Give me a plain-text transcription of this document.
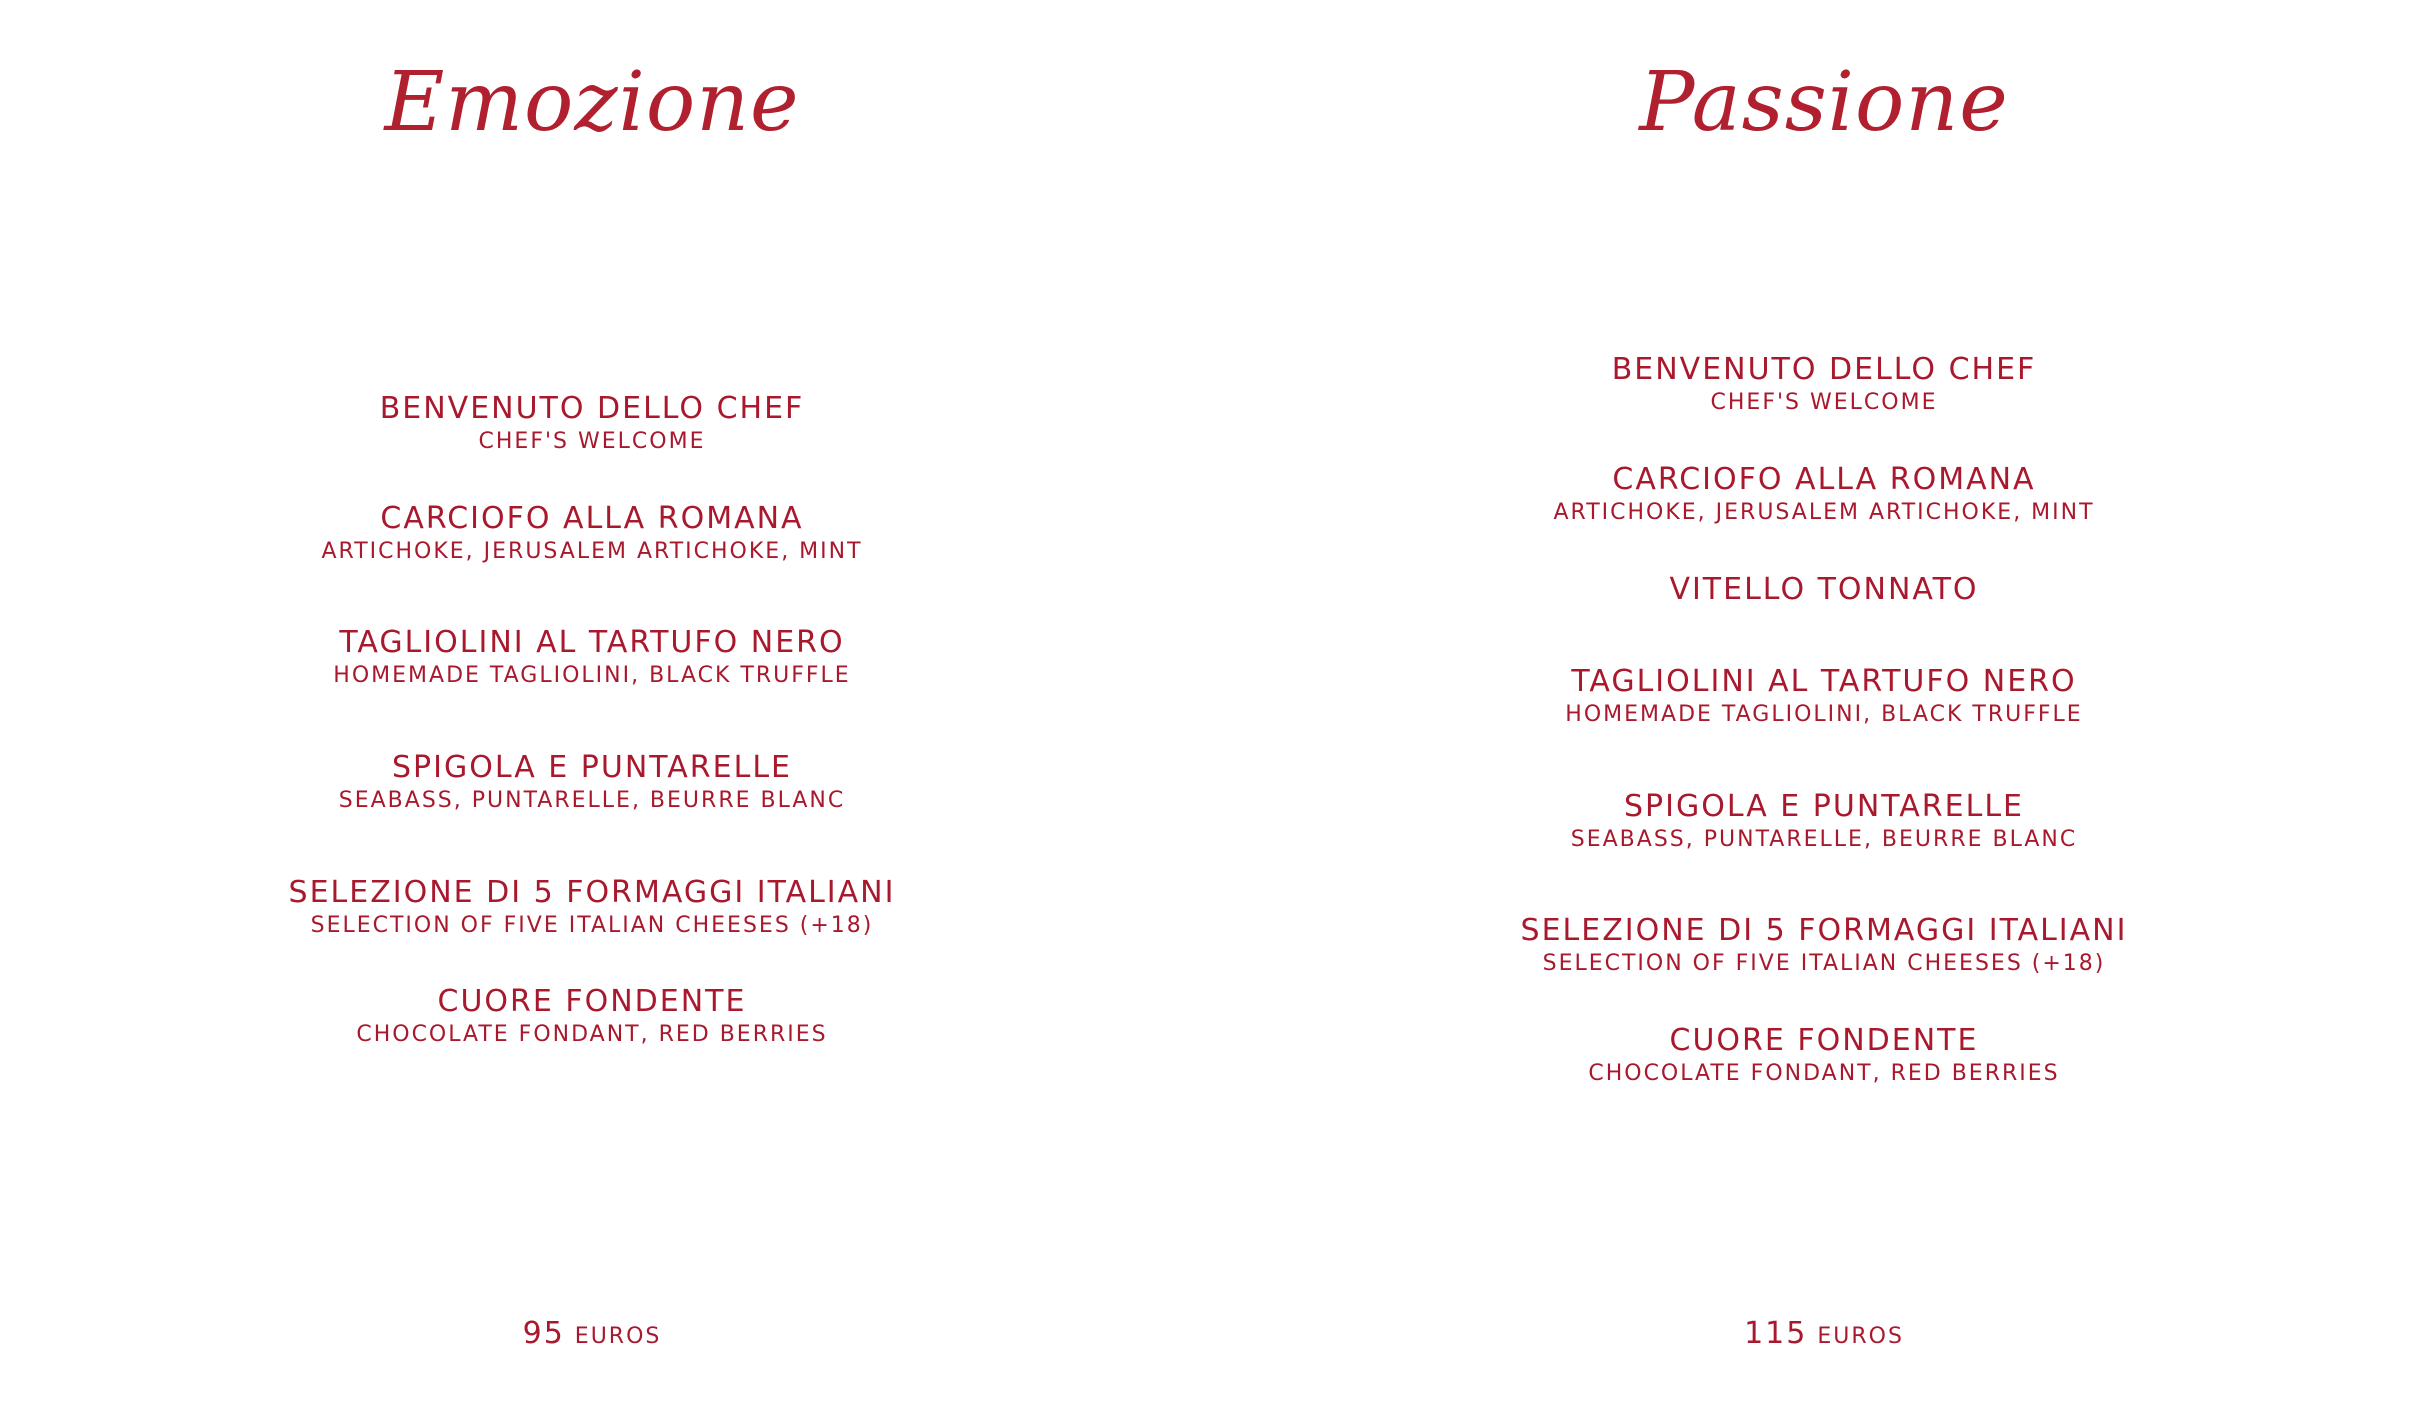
Emozione
BENVENUTO DELLO CHEF
CHEF'S WELCOME
CARCIOFO ALLA ROMANA
ARTICHOKE, JERUSALEM ARTICHOKE, MINT
TAGLIOLINI AL TARTUFO NERO
HOMEMADE TAGLIOLINI, BLACK TRUFFLE
SPIGOLA E PUNTARELLE
SEABASS, PUNTARELLE, BEURRE BLANC
SELEZIONE DI 5 FORMAGGI ITALIANI
SELECTION OF FIVE ITALIAN CHEESES (+18)
CUORE FONDENTE
CHOCOLATE FONDANT, RED BERRIES
95 EUROS
Passione
BENVENUTO DELLO CHEF
CHEF'S WELCOME
CARCIOFO ALLA ROMANA
ARTICHOKE, JERUSALEM ARTICHOKE, MINT
VITELLO TONNATO
TAGLIOLINI AL TARTUFO NERO
HOMEMADE TAGLIOLINI, BLACK TRUFFLE
SPIGOLA E PUNTARELLE
SEABASS, PUNTARELLE, BEURRE BLANC
SELEZIONE DI 5 FORMAGGI ITALIANI
SELECTION OF FIVE ITALIAN CHEESES (+18)
CUORE FONDENTE
CHOCOLATE FONDANT, RED BERRIES
115 EUROS
